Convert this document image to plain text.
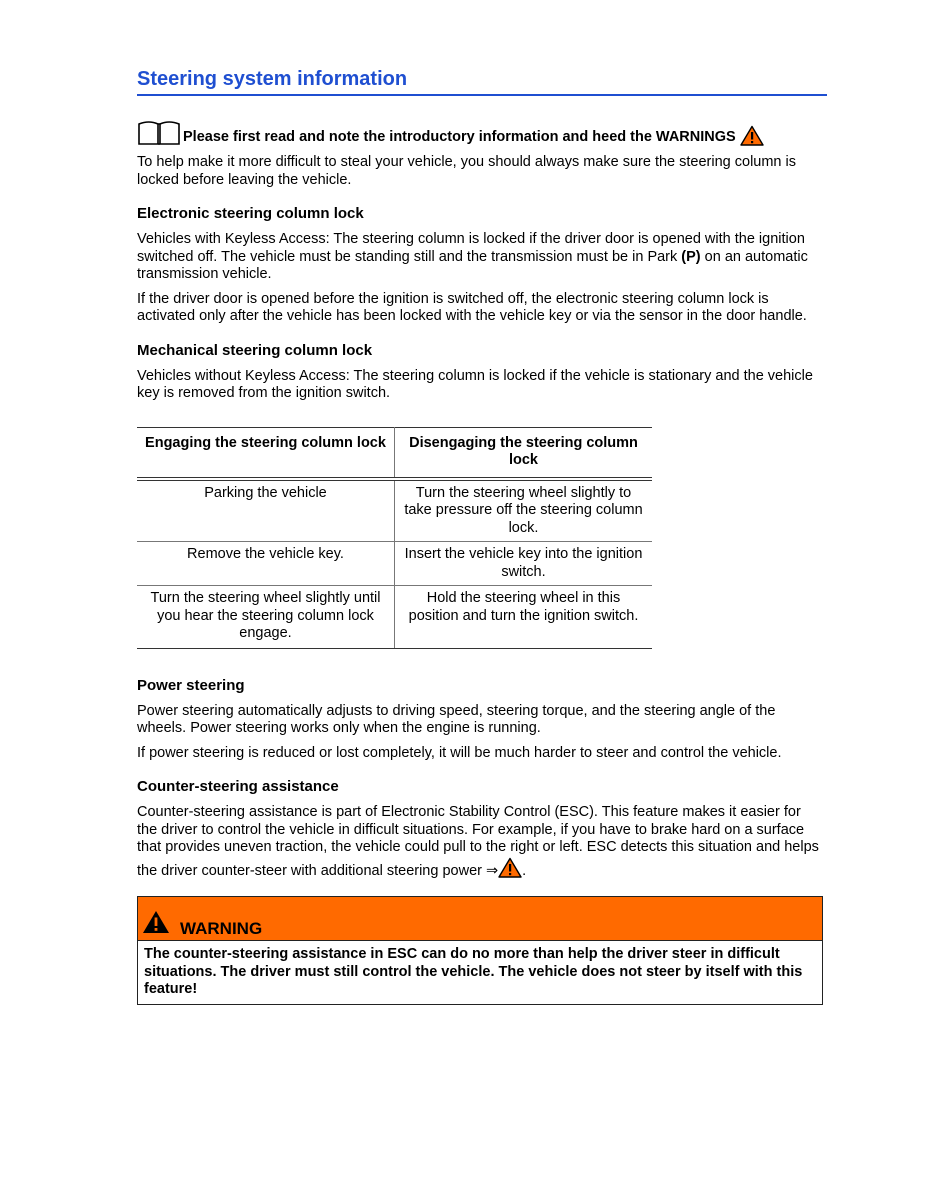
Steering system information
Please first read and note the introductory information and heed the WARNINGS

To help make it more difficult to steal your vehicle, you should always make sure the steering column is locked before leaving the vehicle.

Electronic steering column lock

Vehicles with Keyless Access: The steering column is locked if the driver door is opened with the ignition switched off. The vehicle must be standing still and the transmission must be in Park (P) on an automatic transmission vehicle.

If the driver door is opened before the ignition is switched off, the electronic steering column lock is activated only after the vehicle has been locked with the vehicle key or via the sensor in the door handle.

Mechanical steering column lock

Vehicles without Keyless Access: The steering column is locked if the vehicle is stationary and the vehicle key is removed from the ignition switch.

Engaging the steering column lock	Disengaging the steering column lock
Parking the vehicle	Turn the steering wheel slightly to take pressure off the steering column lock.
Remove the vehicle key.	Insert the vehicle key into the ignition switch.
Turn the steering wheel slightly until you hear the steering column lock engage.	Hold the steering wheel in this position and turn the ignition switch.
Power steering

Power steering automatically adjusts to driving speed, steering torque, and the steering angle of the wheels. Power steering works only when the engine is running.

If power steering is reduced or lost completely, it will be much harder to steer and control the vehicle.

Counter-steering assistance

Counter-steering assistance is part of Electronic Stability Control (ESC). This feature makes it easier for the driver to control the vehicle in difficult situations. For example, if you have to brake hard on a surface that provides uneven traction, the vehicle could pull to the right or left. ESC detects this situation and helps the driver counter-steer with additional steering power ⇒ .

WARNING
The counter-steering assistance in ESC can do no more than help the driver steer in difficult situations. The driver must still control the vehicle. The vehicle does not steer by itself with this feature!
